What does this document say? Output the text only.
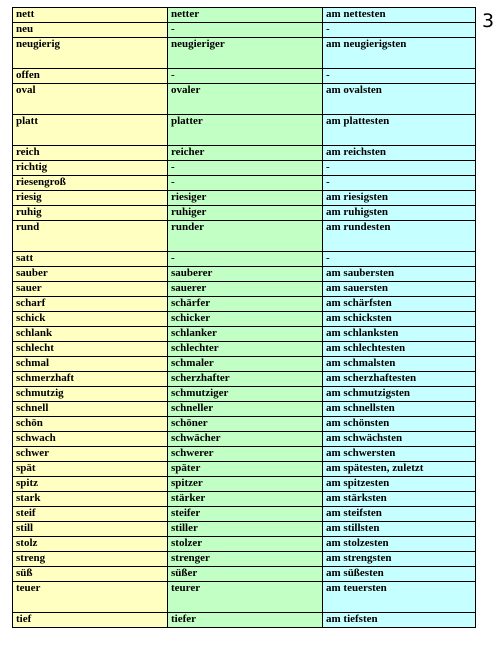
3
nett	netter	am nettesten
neu	-	-
neugierig	neugieriger	am neugierigsten
offen	-	-
oval	ovaler	am ovalsten
platt	platter	am plattesten
reich	reicher	am reichsten
richtig	-	-
riesengroß	-	-
riesig	riesiger	am riesigsten
ruhig	ruhiger	am ruhigsten
rund	runder	am rundesten
satt	-	-
sauber	sauberer	am saubersten
sauer	sauerer	am sauersten
scharf	schärfer	am schärfsten
schick	schicker	am schicksten
schlank	schlanker	am schlanksten
schlecht	schlechter	am schlechtesten
schmal	schmaler	am schmalsten
schmerzhaft	scherzhafter	am scherzhaftesten
schmutzig	schmutziger	am schmutzigsten
schnell	schneller	am schnellsten
schön	schöner	am schönsten
schwach	schwächer	am schwächsten
schwer	schwerer	am schwersten
spät	später	am spätesten, zuletzt
spitz	spitzer	am spitzesten
stark	stärker	am stärksten
steif	steifer	am steifsten
still	stiller	am stillsten
stolz	stolzer	am stolzesten
streng	strenger	am strengsten
süß	süßer	am süßesten
teuer	teurer	am teuersten
tief	tiefer	am tiefsten
